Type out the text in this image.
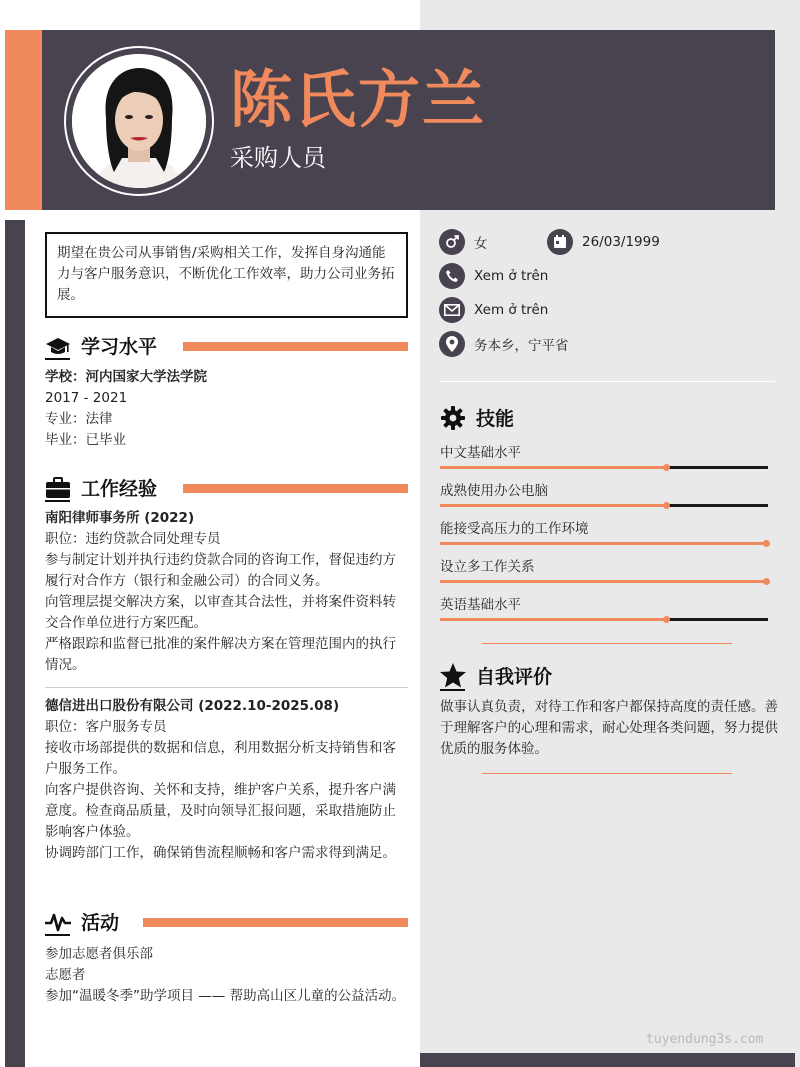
陈氏方兰
采购人员
期望在贵公司从事销售/采购相关工作，发挥自身沟通能力与客户服务意识，不断优化工作效率，助力公司业务拓展。
学习水平
学校：河内国家大学法学院
2017 - 2021
专业：法律
毕业：已毕业
工作经验
南阳律师事务所 (2022)
职位：违约贷款合同处理专员
参与制定计划并执行违约贷款合同的咨询工作，督促违约方履行对合作方（银行和金融公司）的合同义务。
向管理层提交解决方案，以审查其合法性，并将案件资料转交合作单位进行方案匹配。
严格跟踪和监督已批准的案件解决方案在管理范围内的执行情况。
德信进出口股份有限公司 (2022.10-2025.08)
职位：客户服务专员
接收市场部提供的数据和信息，利用数据分析支持销售和客户服务工作。
向客户提供咨询、关怀和支持，维护客户关系，提升客户满意度。检查商品质量，及时向领导汇报问题，采取措施防止影响客户体验。
协调跨部门工作，确保销售流程顺畅和客户需求得到满足。
活动
参加志愿者俱乐部
志愿者
参加“温暖冬季”助学项目 —— 帮助高山区儿童的公益活动。
女	26/03/1999
Xem ở trên
Xem ở trên
务本乡，宁平省
技能
中文基础水平
成熟使用办公电脑
能接受高压力的工作环境
设立多工作关系
英语基础水平
自我评价
做事认真负责，对待工作和客户都保持高度的责任感。善于理解客户的心理和需求，耐心处理各类问题，努力提供优质的服务体验。
tuyendung3s.com
